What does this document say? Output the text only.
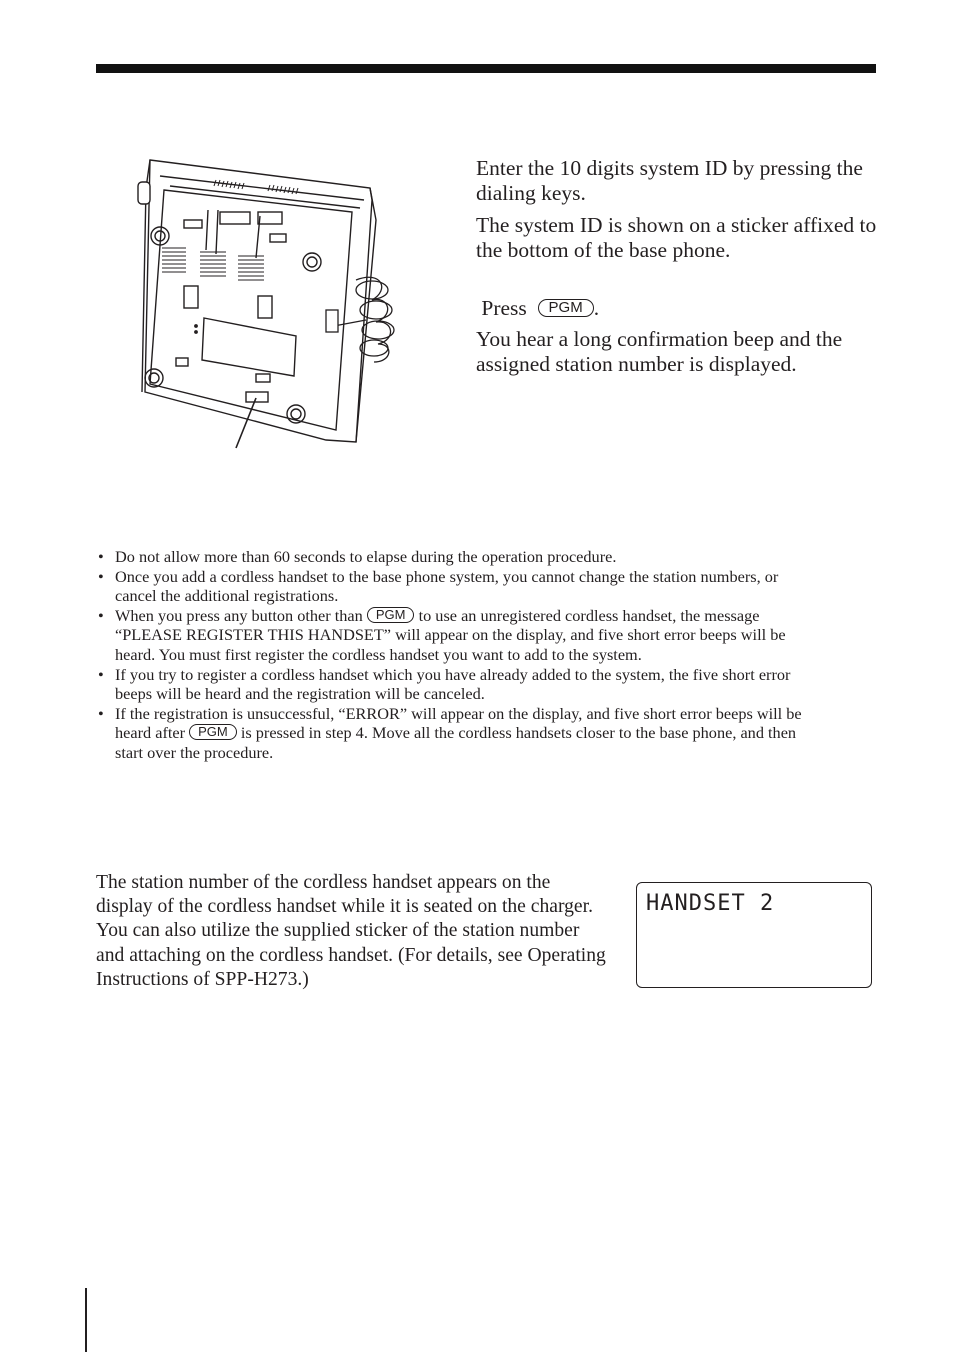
Enter the 10 digits system ID by pressing the dialing keys.

The system ID is shown on a sticker affixed to the bottom of the base phone.

Press PGM .

You hear a long confirmation beep and the assigned station number is displayed.

• Do not allow more than 60 seconds to elapse during the operation procedure.
• Once you add a cordless handset to the base phone system, you cannot change the station numbers, or cancel the additional registrations.
• When you press any button other than PGM to use an unregistered cordless handset, the message “PLEASE REGISTER THIS HANDSET” will appear on the display, and five short error beeps will be heard. You must first register the cordless handset you want to add to the system.
• If you try to register a cordless handset which you have already added to the system, the five short error beeps will be heard and the registration will be canceled.
• If the registration is unsuccessful, “ERROR” will appear on the display, and five short error beeps will be heard after PGM is pressed in step 4. Move all the cordless handsets closer to the base phone, and then start over the procedure.

The station number of the cordless handset appears on the display of the cordless handset while it is seated on the charger. You can also utilize the supplied sticker of the station number and attaching on the cordless handset. (For details, see Operating Instructions of SPP-H273.)

HANDSET 2
